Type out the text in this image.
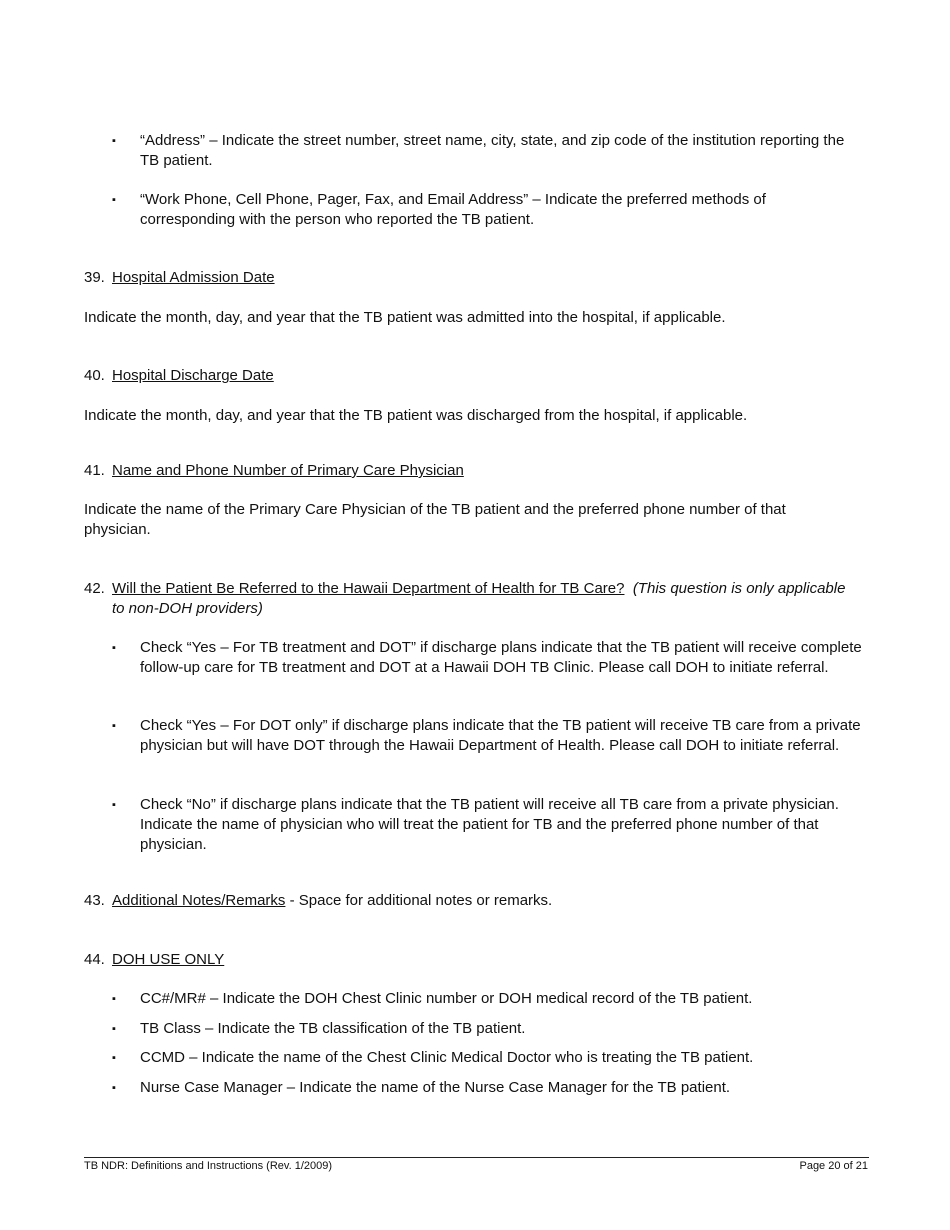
▪ “Address” – Indicate the street number, street name, city, state, and zip code of the institution reporting the TB patient.
▪ “Work Phone, Cell Phone, Pager, Fax, and Email Address” – Indicate the preferred methods of corresponding with the person who reported the TB patient.
39. Hospital Admission Date
Indicate the month, day, and year that the TB patient was admitted into the hospital, if applicable.
40. Hospital Discharge Date
Indicate the month, day, and year that the TB patient was discharged from the hospital, if applicable.
41. Name and Phone Number of Primary Care Physician
Indicate the name of the Primary Care Physician of the TB patient and the preferred phone number of that physician.
42. Will the Patient Be Referred to the Hawaii Department of Health for TB Care? (This question is only applicable to non-DOH providers)
▪ Check “Yes – For TB treatment and DOT” if discharge plans indicate that the TB patient will receive complete follow-up care for TB treatment and DOT at a Hawaii DOH TB Clinic. Please call DOH to initiate referral.
▪ Check “Yes – For DOT only” if discharge plans indicate that the TB patient will receive TB care from a private physician but will have DOT through the Hawaii Department of Health. Please call DOH to initiate referral.
▪ Check “No” if discharge plans indicate that the TB patient will receive all TB care from a private physician. Indicate the name of physician who will treat the patient for TB and the preferred phone number of that physician.
43. Additional Notes/Remarks - Space for additional notes or remarks.
44. DOH USE ONLY
▪ CC#/MR# – Indicate the DOH Chest Clinic number or DOH medical record of the TB patient.
▪ TB Class – Indicate the TB classification of the TB patient.
▪ CCMD – Indicate the name of the Chest Clinic Medical Doctor who is treating the TB patient.
▪ Nurse Case Manager – Indicate the name of the Nurse Case Manager for the TB patient.
TB NDR: Definitions and Instructions (Rev. 1/2009)	Page 20 of 21
